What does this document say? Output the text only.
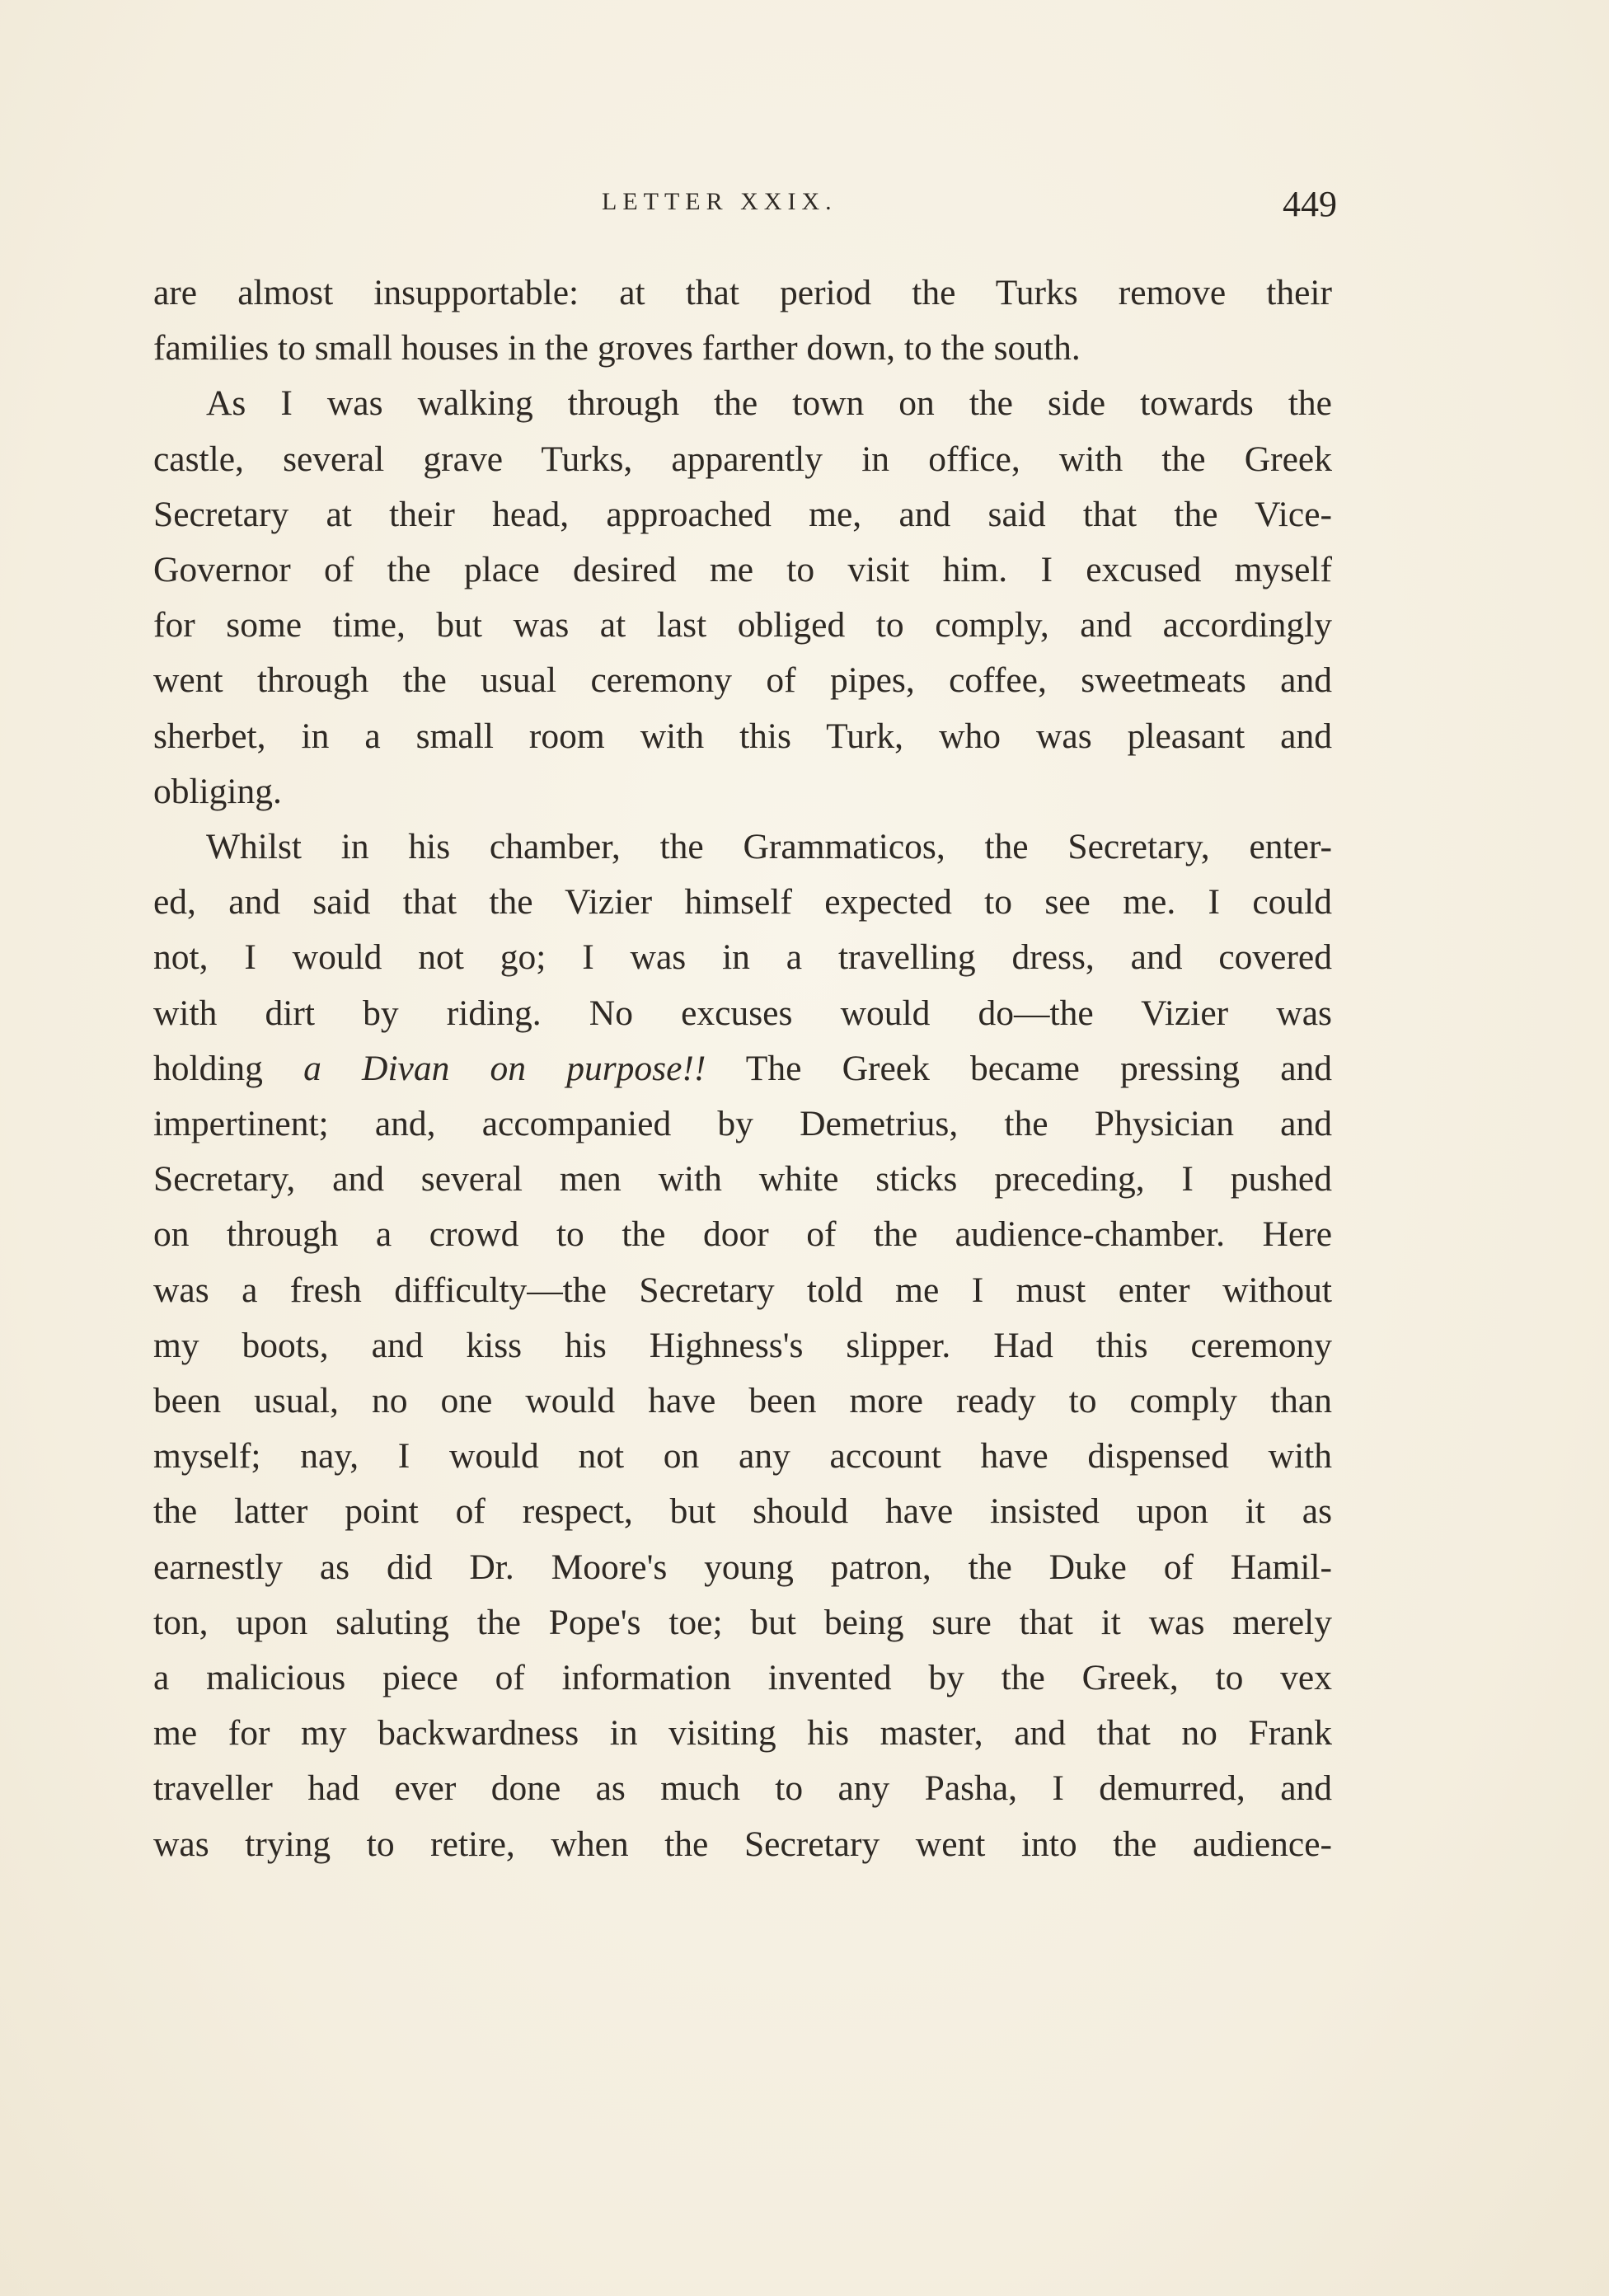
LETTER XXIX.	449
are almost insupportable: at that period the Turks remove their
families to small houses in the groves farther down, to the south.
As I was walking through the town on the side towards the
castle, several grave Turks, apparently in office, with the Greek
Secretary at their head, approached me, and said that the Vice-
Governor of the place desired me to visit him. I excused myself
for some time, but was at last obliged to comply, and accordingly
went through the usual ceremony of pipes, coffee, sweetmeats and
sherbet, in a small room with this Turk, who was pleasant and
obliging.
Whilst in his chamber, the Grammaticos, the Secretary, enter-
ed, and said that the Vizier himself expected to see me. I could
not, I would not go; I was in a travelling dress, and covered
with dirt by riding. No excuses would do—the Vizier was
holding a Divan on purpose!! The Greek became pressing and
impertinent; and, accompanied by Demetrius, the Physician and
Secretary, and several men with white sticks preceding, I pushed
on through a crowd to the door of the audience-chamber. Here
was a fresh difficulty—the Secretary told me I must enter without
my boots, and kiss his Highness's slipper. Had this ceremony
been usual, no one would have been more ready to comply than
myself; nay, I would not on any account have dispensed with
the latter point of respect, but should have insisted upon it as
earnestly as did Dr. Moore's young patron, the Duke of Hamil-
ton, upon saluting the Pope's toe; but being sure that it was merely
a malicious piece of information invented by the Greek, to vex
me for my backwardness in visiting his master, and that no Frank
traveller had ever done as much to any Pasha, I demurred, and
was trying to retire, when the Secretary went into the audience-
